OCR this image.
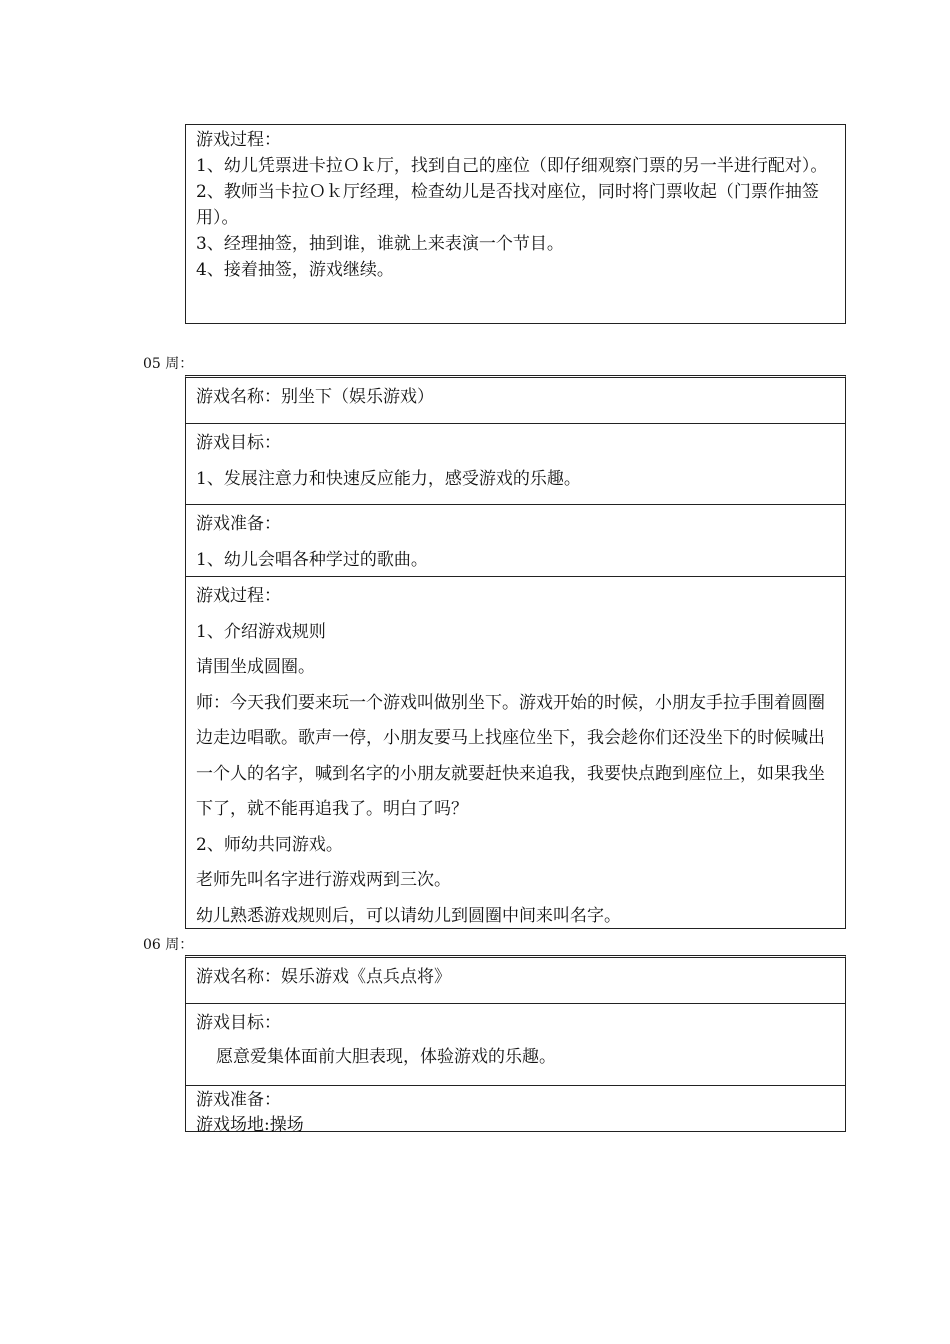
游戏过程：
1、幼儿凭票进卡拉Ｏｋ厅，找到自己的座位（即仔细观察门票的另一半进行配对）。
2、教师当卡拉Ｏｋ厅经理，检查幼儿是否找对座位，同时将门票收起（门票作抽签用）。
3、经理抽签，抽到谁，谁就上来表演一个节目。
4、接着抽签，游戏继续。
05 周：
游戏名称：别坐下（娱乐游戏）
游戏目标：
1、发展注意力和快速反应能力，感受游戏的乐趣。
游戏准备：
1、幼儿会唱各种学过的歌曲。
游戏过程：
1、介绍游戏规则
请围坐成圆圈。
师：今天我们要来玩一个游戏叫做别坐下。游戏开始的时候，小朋友手拉手围着圆圈边走边唱歌。歌声一停，小朋友要马上找座位坐下，我会趁你们还没坐下的时候喊出一个人的名字，喊到名字的小朋友就要赶快来追我，我要快点跑到座位上，如果我坐下了，就不能再追我了。明白了吗？
2、师幼共同游戏。
老师先叫名字进行游戏两到三次。
幼儿熟悉游戏规则后，可以请幼儿到圆圈中间来叫名字。
06 周：
游戏名称：娱乐游戏《点兵点将》
游戏目标：
愿意爱集体面前大胆表现，体验游戏的乐趣。
游戏准备：
游戏场地:操场
